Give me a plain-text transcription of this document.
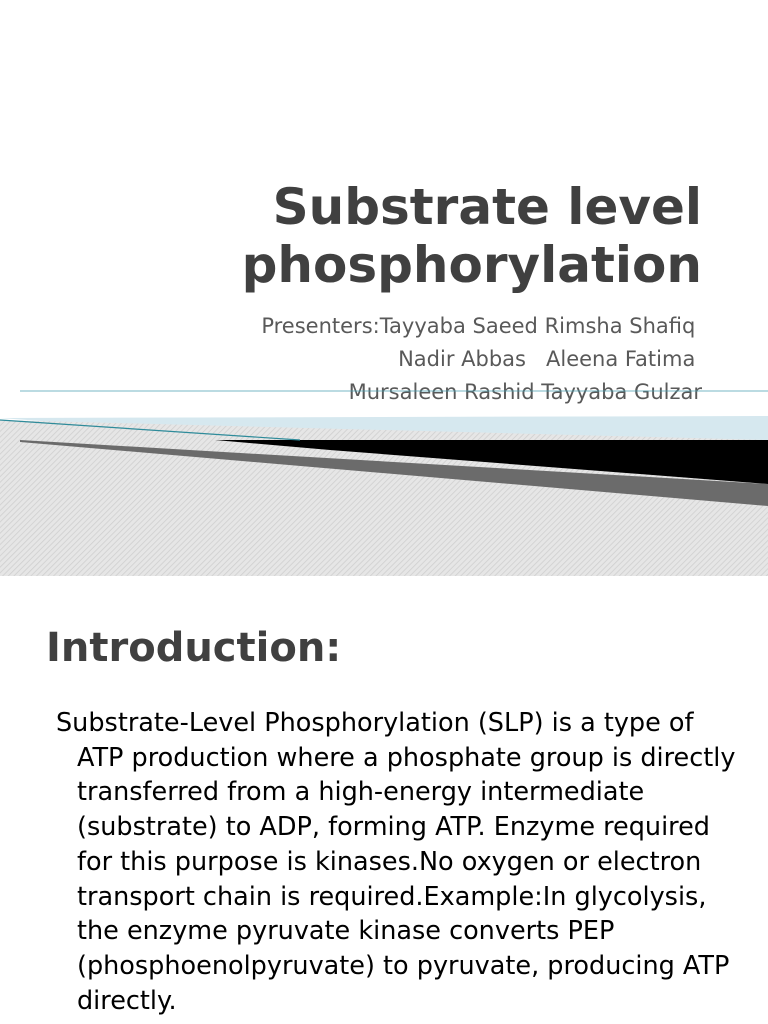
Substrate level
phosphorylation
Presenters:Tayyaba Saeed Rimsha Shafiq
Nadir Abbas   Aleena Fatima
Mursaleen Rashid Tayyaba Gulzar
Introduction:

Substrate-Level Phosphorylation (SLP) is a type of ATP production where a phosphate group is directly transferred from a high-energy intermediate (substrate) to ADP, forming ATP. Enzyme required for this purpose is kinases.No oxygen or electron transport chain is required.Example:In glycolysis, the enzyme pyruvate kinase converts PEP (phosphoenolpyruvate) to pyruvate, producing ATP directly.
